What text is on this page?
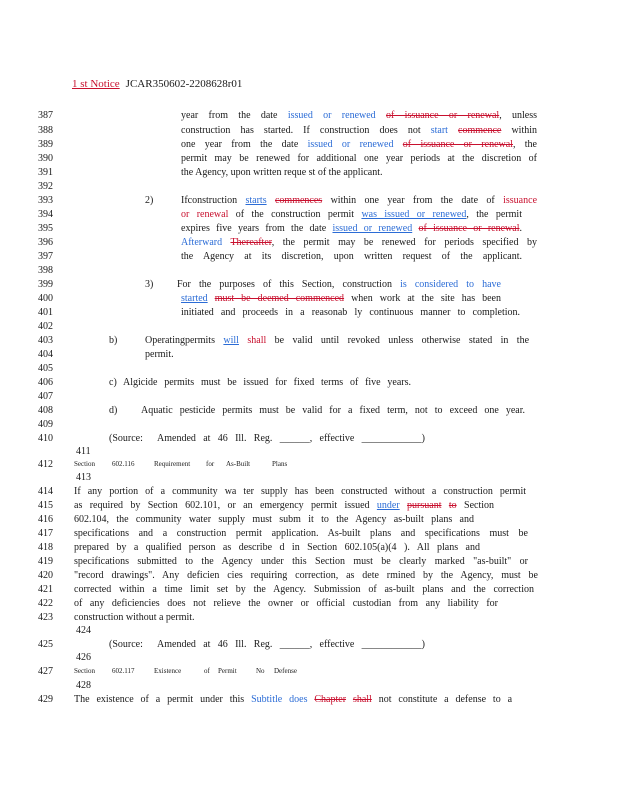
1 st Notice JCAR350602-2208628r01
387
388
389
390
391
392
393
394
395
396
397
398
399
400
401
402
403
404
405
406
407
408
409
410
411
412
413
414
415
416
417
418
419
420
421
422
423
424
425
426
427
428
429
year from the date issued or renewed of issuance or renewal, unless
construction has started. If construction does not start commence within
one year from the date issued or renewed of issuance or renewal, the
permit may be renewed for additional one year periods at the discretion of
the Agency, upon written reque st of the applicant.
2)	Ifconstruction starts commences within one year from the date of issuance
or renewal of the construction permit was issued or renewed, the permit
expires five years from the date issued or renewed of issuance or renewal.
Afterward Thereafter, the permit may be renewed for periods specified by
the Agency at its discretion, upon written request of the applicant.
3) For the purposes of this Section, construction is considered to have
started must be deemed commenced when work at the site has been
initiated and proceeds in a reasonab ly continuous manner to completion.
b)	Operatingpermits will shall be valid until revoked unless otherwise stated in the
permit.
c) Algicide permits must be issued for fixed terms of five years.
d) Aquatic pesticide permits must be valid for a fixed term, not to exceed one year.
(Source: Amended at 46 Ill. Reg. ______, effective ____________)
Section 602.116	Requirement for As-Built	Plans
If any portion of a community wa ter supply has been constructed without a construction permit
as required by Section 602.101, or an emergency permit issued under pursuant to Section
602.104, the community water supply must subm it to the Agency as-built plans and
specifications and a construction permit application. As-built plans and specifications must be
prepared by a qualified person as describe d in Section 602.105(a)(4 ). All plans and
specifications submitted to the Agency under this Section must be clearly marked "as-built" or
"record drawings". Any deficien cies requiring correction, as dete rmined by the Agency, must be
corrected within a time limit set by the Agency. Submission of as-built plans and the correction
of any deficiencies does not relieve the owner or official custodian from any liability for
construction without a permit.
(Source: Amended at 46 Ill. Reg. ______, effective ____________)
Section 602.117	Existence	of Permit	No Defense
The existence of a permit under this Subtitle does Chapter shall not constitute a defense to a
